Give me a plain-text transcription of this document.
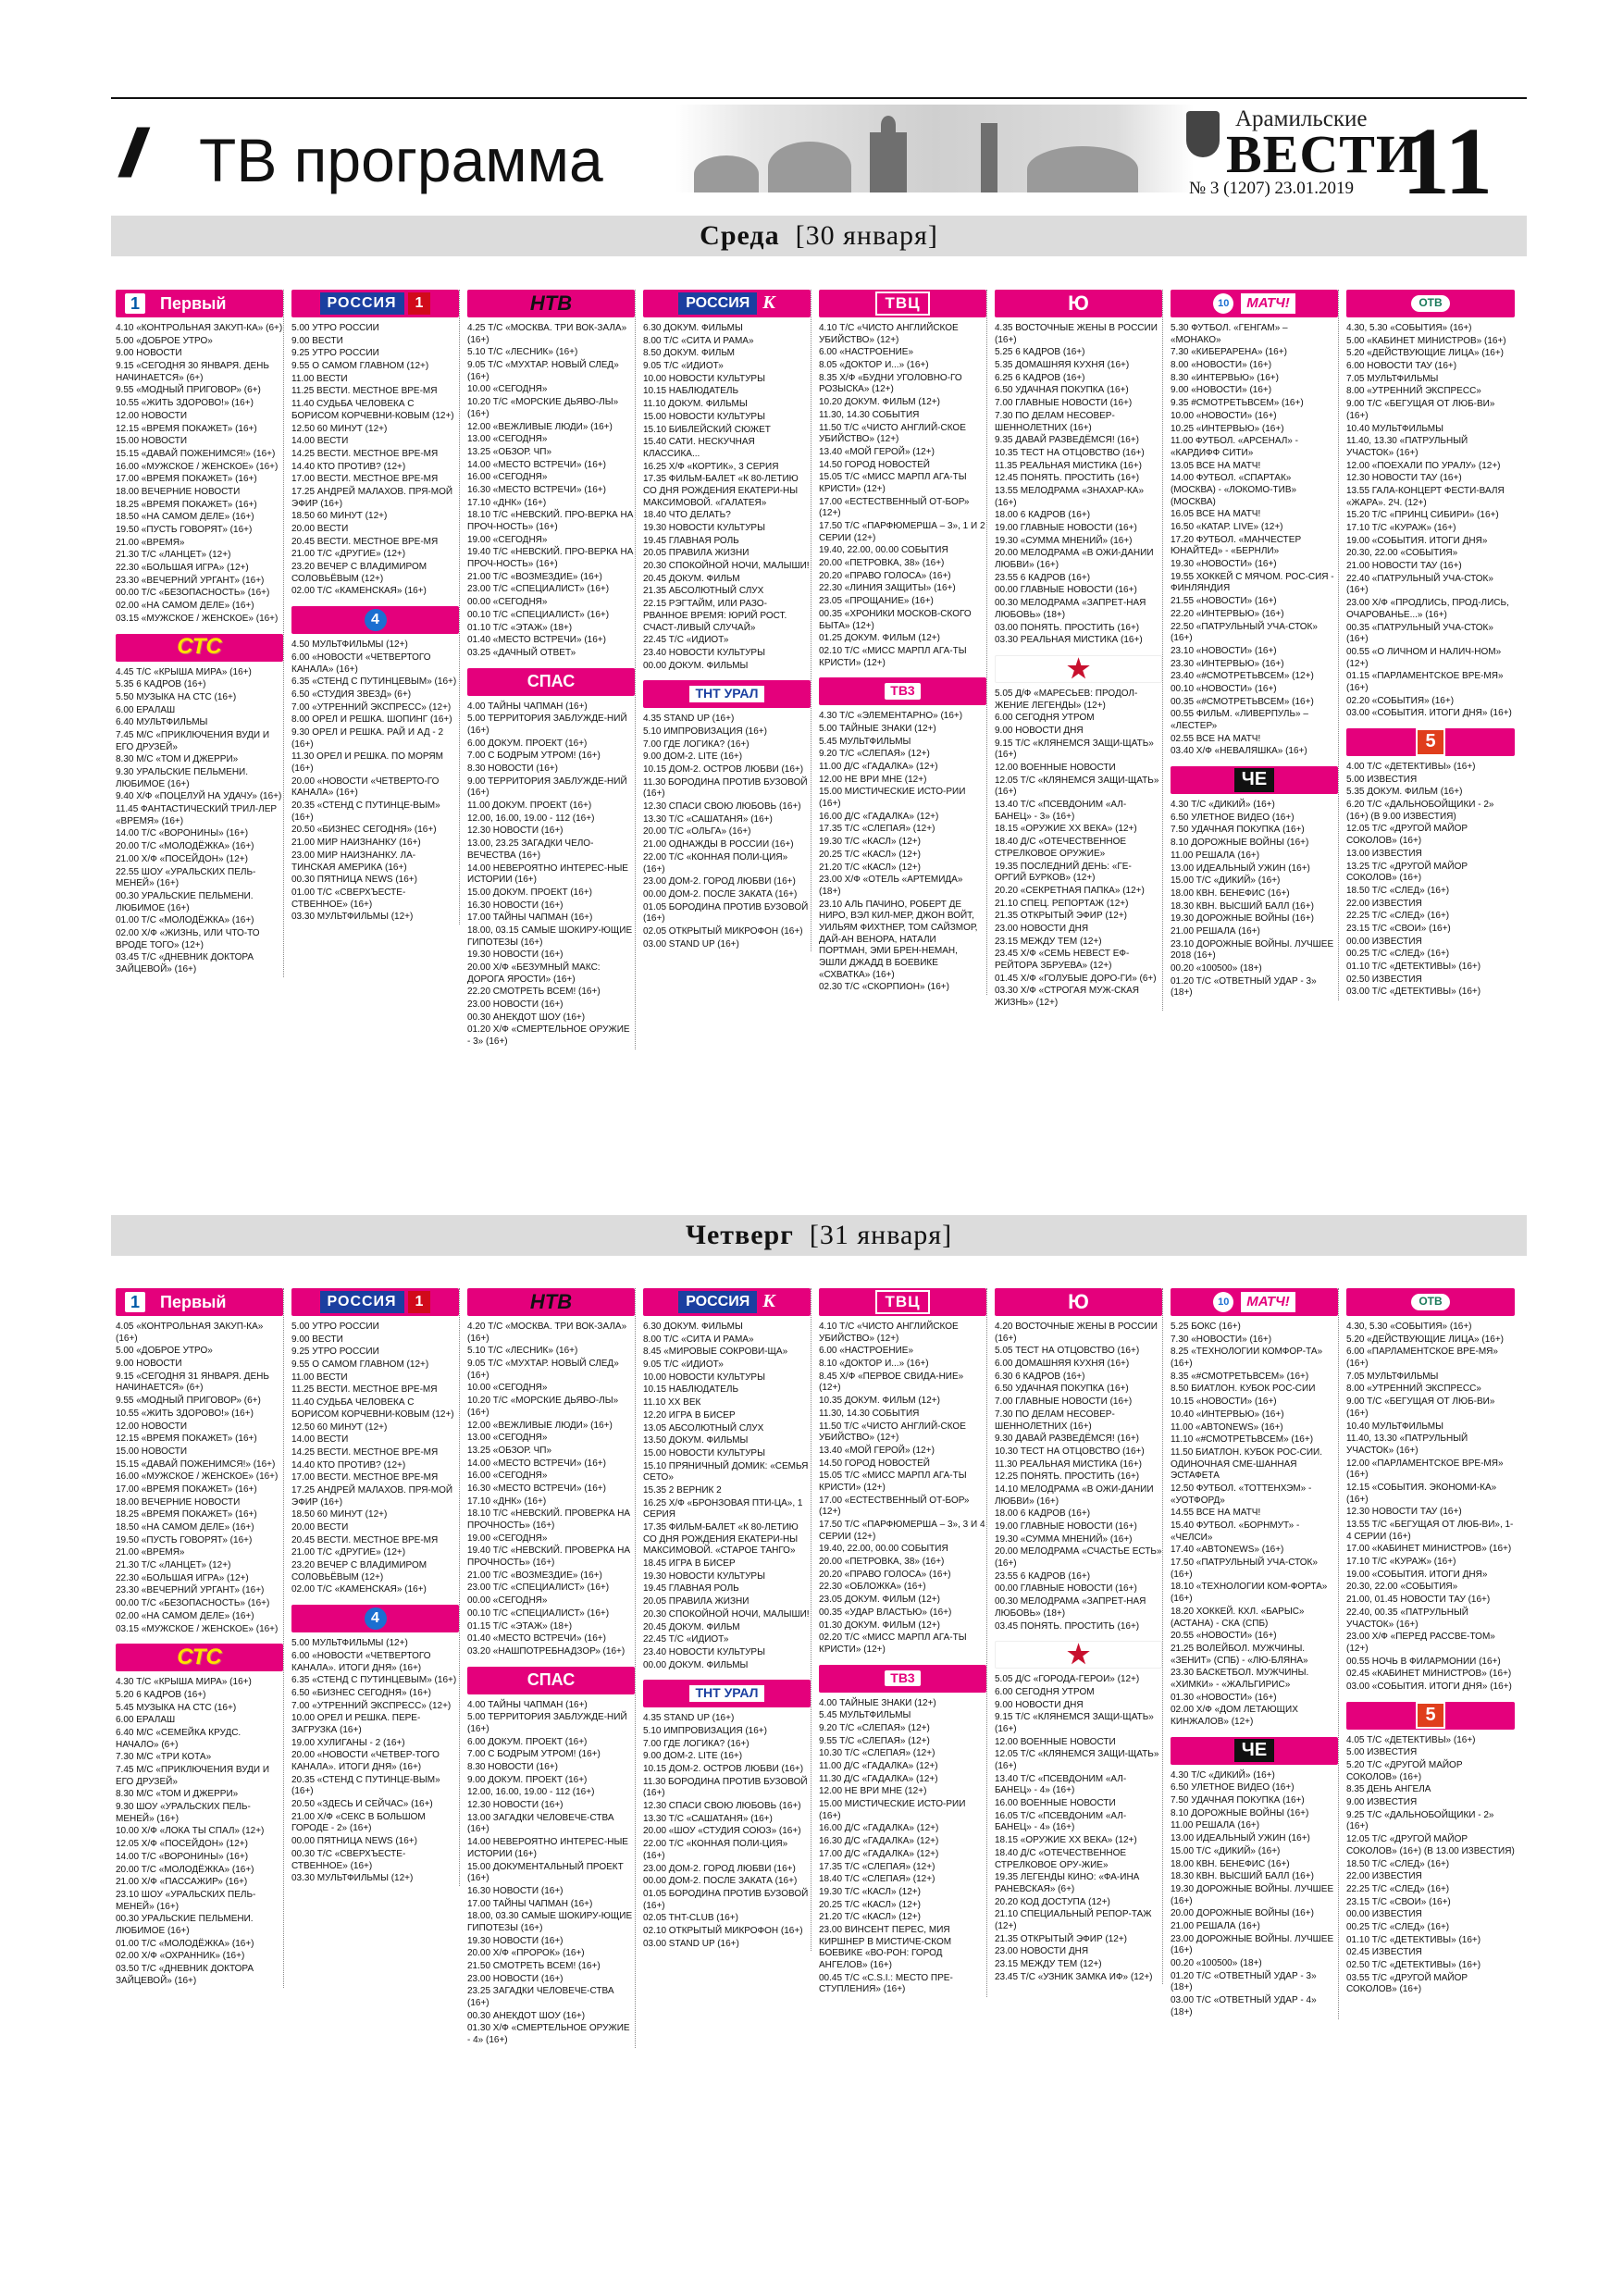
// ТВ программа
Арамильские
ВЕСТИ
11
№ 3 (1207) 23.01.2019
Среда [30 января]
1	Первый
4.10 «КОНТРОЛЬНАЯ ЗАКУП-КА» (6+)
5.00 «ДОБРОЕ УТРО»
9.00 НОВОСТИ
9.15 «СЕГОДНЯ 30 ЯНВАРЯ. ДЕНЬ НАЧИНАЕТСЯ» (6+)
9.55 «МОДНЫЙ ПРИГОВОР» (6+)
10.55 «ЖИТЬ ЗДОРОВО!» (16+)
12.00 НОВОСТИ
12.15 «ВРЕМЯ ПОКАЖЕТ» (16+)
15.00 НОВОСТИ
15.15 «ДАВАЙ ПОЖЕНИМСЯ!» (16+)
16.00 «МУЖСКОЕ / ЖЕНСКОЕ» (16+)
17.00 «ВРЕМЯ ПОКАЖЕТ» (16+)
18.00 ВЕЧЕРНИЕ НОВОСТИ
18.25 «ВРЕМЯ ПОКАЖЕТ» (16+)
18.50 «НА САМОМ ДЕЛЕ» (16+)
19.50 «ПУСТЬ ГОВОРЯТ» (16+)
21.00 «ВРЕМЯ»
21.30 Т/С «ЛАНЦЕТ» (12+)
22.30 «БОЛЬШАЯ ИГРА» (12+)
23.30 «ВЕЧЕРНИЙ УРГАНТ» (16+)
00.00 Т/С «БЕЗОПАСНОСТЬ» (16+)
02.00 «НА САМОМ ДЕЛЕ» (16+)
03.15 «МУЖСКОЕ / ЖЕНСКОЕ» (16+)
СТС
4.45 Т/С «КРЫША МИРА» (16+)
5.35 6 КАДРОВ (16+)
5.50 МУЗЫКА НА СТС (16+)
6.00 ЕРАЛАШ
6.40 МУЛЬТФИЛЬМЫ
7.45 М/С «ПРИКЛЮЧЕНИЯ ВУДИ И ЕГО ДРУЗЕЙ»
8.30 М/С «ТОМ И ДЖЕРРИ»
9.30 УРАЛЬСКИЕ ПЕЛЬМЕНИ. ЛЮБИМОЕ (16+)
9.40 Х/Ф «ПОЦЕЛУЙ НА УДАЧУ» (16+)
11.45 ФАНТАСТИЧЕСКИЙ ТРИЛ-ЛЕР «ВРЕМЯ» (16+)
14.00 Т/С «ВОРОНИНЫ» (16+)
20.00 Т/С «МОЛОДЁЖКА» (16+)
21.00 Х/Ф «ПОСЕЙДОН» (12+)
22.55 ШОУ «УРАЛЬСКИХ ПЕЛЬ-МЕНЕЙ» (16+)
00.30 УРАЛЬСКИЕ ПЕЛЬМЕНИ. ЛЮБИМОЕ (16+)
01.00 Т/С «МОЛОДЁЖКА» (16+)
02.00 Х/Ф «ЖИЗНЬ, ИЛИ ЧТО-ТО ВРОДЕ ТОГО» (12+)
03.45 Т/С «ДНЕВНИК ДОКТОРА ЗАЙЦЕВОЙ» (16+)
РОССИЯ	1
5.00 УТРО РОССИИ
9.00 ВЕСТИ
9.25 УТРО РОССИИ
9.55 О САМОМ ГЛАВНОМ (12+)
11.00 ВЕСТИ
11.25 ВЕСТИ. МЕСТНОЕ ВРЕ-МЯ
11.40 СУДЬБА ЧЕЛОВЕКА С БОРИСОМ КОРЧЕВНИ-КОВЫМ (12+)
12.50 60 МИНУТ (12+)
14.00 ВЕСТИ
14.25 ВЕСТИ. МЕСТНОЕ ВРЕ-МЯ
14.40 КТО ПРОТИВ? (12+)
17.00 ВЕСТИ. МЕСТНОЕ ВРЕ-МЯ
17.25 АНДРЕЙ МАЛАХОВ. ПРЯ-МОЙ ЭФИР (16+)
18.50 60 МИНУТ (12+)
20.00 ВЕСТИ
20.45 ВЕСТИ. МЕСТНОЕ ВРЕ-МЯ
21.00 Т/С «ДРУГИЕ» (12+)
23.20 ВЕЧЕР С ВЛАДИМИРОМ СОЛОВЬЁВЫМ (12+)
02.00 Т/С «КАМЕНСКАЯ» (16+)
4
4.50 МУЛЬТФИЛЬМЫ (12+)
6.00 «НОВОСТИ «ЧЕТВЕРТОГО КАНАЛА» (16+)
6.35 «СТЕНД С ПУТИНЦЕВЫМ» (16+)
6.50 «СТУДИЯ ЗВЕЗД» (6+)
7.00 «УТРЕННИЙ ЭКСПРЕСС» (12+)
8.00 ОРЕЛ И РЕШКА. ШОПИНГ (16+)
9.30 ОРЕЛ И РЕШКА. РАЙ И АД - 2 (16+)
11.30 ОРЕЛ И РЕШКА. ПО МОРЯМ (16+)
20.00 «НОВОСТИ «ЧЕТВЕРТО-ГО КАНАЛА» (16+)
20.35 «СТЕНД С ПУТИНЦЕ-ВЫМ» (16+)
20.50 «БИЗНЕС СЕГОДНЯ» (16+)
21.00 МИР НАИЗНАНКУ (16+)
23.00 МИР НАИЗНАНКУ. ЛА-ТИНСКАЯ АМЕРИКА (16+)
00.30 ПЯТНИЦА NEWS (16+)
01.00 Т/С «СВЕРХЪЕСТЕ-СТВЕННОЕ» (16+)
03.30 МУЛЬТФИЛЬМЫ (12+)
НТВ
4.25 Т/С «МОСКВА. ТРИ ВОК-ЗАЛА» (16+)
5.10 Т/С «ЛЕСНИК» (16+)
9.05 Т/С «МУХТАР. НОВЫЙ СЛЕД» (16+)
10.00 «СЕГОДНЯ»
10.20 Т/С «МОРСКИЕ ДЬЯВО-ЛЫ» (16+)
12.00 «ВЕЖЛИВЫЕ ЛЮДИ» (16+)
13.00 «СЕГОДНЯ»
13.25 «ОБЗОР. ЧП»
14.00 «МЕСТО ВСТРЕЧИ» (16+)
16.00 «СЕГОДНЯ»
16.30 «МЕСТО ВСТРЕЧИ» (16+)
17.10 «ДНК» (16+)
18.10 Т/С «НЕВСКИЙ. ПРО-ВЕРКА НА ПРОЧ-НОСТЬ» (16+)
19.00 «СЕГОДНЯ»
19.40 Т/С «НЕВСКИЙ. ПРО-ВЕРКА НА ПРОЧ-НОСТЬ» (16+)
21.00 Т/С «ВОЗМЕЗДИЕ» (16+)
23.00 Т/С «СПЕЦИАЛИСТ» (16+)
00.00 «СЕГОДНЯ»
00.10 Т/С «СПЕЦИАЛИСТ» (16+)
01.10 Т/С «ЭТАЖ» (18+)
01.40 «МЕСТО ВСТРЕЧИ» (16+)
03.25 «ДАЧНЫЙ ОТВЕТ»
СПАС
4.00 ТАЙНЫ ЧАПМАН (16+)
5.00 ТЕРРИТОРИЯ ЗАБЛУЖДЕ-НИЙ (16+)
6.00 ДОКУМ. ПРОЕКТ (16+)
7.00 С БОДРЫМ УТРОМ! (16+)
8.30 НОВОСТИ (16+)
9.00 ТЕРРИТОРИЯ ЗАБЛУЖДЕ-НИЙ (16+)
11.00 ДОКУМ. ПРОЕКТ (16+)
12.00, 16.00, 19.00 - 112 (16+)
12.30 НОВОСТИ (16+)
13.00, 23.25 ЗАГАДКИ ЧЕЛО-ВЕЧЕСТВА (16+)
14.00 НЕВЕРОЯТНО ИНТЕРЕС-НЫЕ ИСТОРИИ (16+)
15.00 ДОКУМ. ПРОЕКТ (16+)
16.30 НОВОСТИ (16+)
17.00 ТАЙНЫ ЧАПМАН (16+)
18.00, 03.15 САМЫЕ ШОКИРУ-ЮЩИЕ ГИПОТЕЗЫ (16+)
19.30 НОВОСТИ (16+)
20.00 Х/Ф «БЕЗУМНЫЙ МАКС: ДОРОГА ЯРОСТИ» (16+)
22.20 СМОТРЕТЬ ВСЕМ! (16+)
23.00 НОВОСТИ (16+)
00.30 АНЕКДОТ ШОУ (16+)
01.20 Х/Ф «СМЕРТЕЛЬНОЕ ОРУЖИЕ - 3» (16+)
РОССИЯ К
6.30 ДОКУМ. ФИЛЬМЫ
8.00 Т/С «СИТА И РАМА»
8.50 ДОКУМ. ФИЛЬМ
9.05 Т/С «ИДИОТ»
10.00 НОВОСТИ КУЛЬТУРЫ
10.15 НАБЛЮДАТЕЛЬ
11.10 ДОКУМ. ФИЛЬМЫ
15.00 НОВОСТИ КУЛЬТУРЫ
15.10 БИБЛЕЙСКИЙ СЮЖЕТ
15.40 САТИ. НЕСКУЧНАЯ КЛАССИКА...
16.25 Х/Ф «КОРТИК», 3 СЕРИЯ
17.35 ФИЛЬМ-БАЛЕТ «К 80-ЛЕТИЮ СО ДНЯ РОЖДЕНИЯ ЕКАТЕРИ-НЫ МАКСИМОВОЙ. «ГАЛАТЕЯ»
18.40 ЧТО ДЕЛАТЬ?
19.30 НОВОСТИ КУЛЬТУРЫ
19.45 ГЛАВНАЯ РОЛЬ
20.05 ПРАВИЛА ЖИЗНИ
20.30 СПОКОЙНОЙ НОЧИ, МАЛЫШИ!
20.45 ДОКУМ. ФИЛЬМ
21.35 АБСОЛЮТНЫЙ СЛУХ
22.15 РЭГТАЙМ, ИЛИ РАЗО-РВАННОЕ ВРЕМЯ: ЮРИЙ РОСТ. СЧАСТ-ЛИВЫЙ СЛУЧАЙ»
22.45 Т/С «ИДИОТ»
23.40 НОВОСТИ КУЛЬТУРЫ
00.00 ДОКУМ. ФИЛЬМЫ
ТНТ УРАЛ
4.35 STAND UP (16+)
5.10 ИМПРОВИЗАЦИЯ (16+)
7.00 ГДЕ ЛОГИКА? (16+)
9.00 ДОМ-2. LITE (16+)
10.15 ДОМ-2. ОСТРОВ ЛЮБВИ (16+)
11.30 БОРОДИНА ПРОТИВ БУЗОВОЙ (16+)
12.30 СПАСИ СВОЮ ЛЮБОВЬ (16+)
13.30 Т/С «САШАТАНЯ» (16+)
20.00 Т/С «ОЛЬГА» (16+)
21.00 ОДНАЖДЫ В РОССИИ (16+)
22.00 Т/С «КОННАЯ ПОЛИ-ЦИЯ» (16+)
23.00 ДОМ-2. ГОРОД ЛЮБВИ (16+)
00.00 ДОМ-2. ПОСЛЕ ЗАКАТА (16+)
01.05 БОРОДИНА ПРОТИВ БУЗОВОЙ (16+)
02.05 ОТКРЫТЫЙ МИКРОФОН (16+)
03.00 STAND UP (16+)
ТВЦ
4.10 Т/С «ЧИСТО АНГЛИЙСКОЕ УБИЙСТВО» (12+)
6.00 «НАСТРОЕНИЕ»
8.05 «ДОКТОР И...» (16+)
8.35 Х/Ф «БУДНИ УГОЛОВНО-ГО РОЗЫСКА» (12+)
10.20 ДОКУМ. ФИЛЬМ (12+)
11.30, 14.30 СОБЫТИЯ
11.50 Т/С «ЧИСТО АНГЛИЙ-СКОЕ УБИЙСТВО» (12+)
13.40 «МОЙ ГЕРОЙ» (12+)
14.50 ГОРОД НОВОСТЕЙ
15.05 Т/С «МИСС МАРПЛ АГА-ТЫ КРИСТИ» (12+)
17.00 «ЕСТЕСТВЕННЫЙ ОТ-БОР» (12+)
17.50 Т/С «ПАРФЮМЕРША – 3», 1 И 2 СЕРИИ (12+)
19.40, 22.00, 00.00 СОБЫТИЯ
20.00 «ПЕТРОВКА, 38» (16+)
20.20 «ПРАВО ГОЛОСА» (16+)
22.30 «ЛИНИЯ ЗАЩИТЫ» (16+)
23.05 «ПРОЩАНИЕ» (16+)
00.35 «ХРОНИКИ МОСКОВ-СКОГО БЫТА» (12+)
01.25 ДОКУМ. ФИЛЬМ (12+)
02.10 Т/С «МИСС МАРПЛ АГА-ТЫ КРИСТИ» (12+)
ТВ3
4.30 Т/С «ЭЛЕМЕНТАРНО» (16+)
5.00 ТАЙНЫЕ ЗНАКИ (12+)
5.45 МУЛЬТФИЛЬМЫ
9.20 Т/С «СЛЕПАЯ» (12+)
11.00 Д/С «ГАДАЛКА» (12+)
12.00 НЕ ВРИ МНЕ (12+)
15.00 МИСТИЧЕСКИЕ ИСТО-РИИ (16+)
16.00 Д/С «ГАДАЛКА» (12+)
17.35 Т/С «СЛЕПАЯ» (12+)
19.30 Т/С «КАСЛ» (12+)
20.25 Т/С «КАСЛ» (12+)
21.20 Т/С «КАСЛ» (12+)
23.00 Х/Ф «ОТЕЛЬ «АРТЕМИДА» (18+)
23.10 АЛЬ ПАЧИНО, РОБЕРТ ДЕ НИРО, ВЭЛ КИЛ-МЕР, ДЖОН ВОЙТ, УИЛЬЯМ ФИХТНЕР, ТОМ САЙЗМОР, ДАЙ-АН ВЕНОРА, НАТАЛИ ПОРТМАН, ЭМИ БРЕН-НЕМАН, ЭШЛИ ДЖАДД В БОЕВИКЕ «СХВАТКА» (16+)
02.30 Т/С «СКОРПИОН» (16+)
Ю
4.35 ВОСТОЧНЫЕ ЖЕНЫ В РОССИИ (16+)
5.25 6 КАДРОВ (16+)
5.35 ДОМАШНЯЯ КУХНЯ (16+)
6.25 6 КАДРОВ (16+)
6.50 УДАЧНАЯ ПОКУПКА (16+)
7.00 ГЛАВНЫЕ НОВОСТИ (16+)
7.30 ПО ДЕЛАМ НЕСОВЕР-ШЕННОЛЕТНИХ (16+)
9.35 ДАВАЙ РАЗВЕДЁМСЯ! (16+)
10.35 ТЕСТ НА ОТЦОВСТВО (16+)
11.35 РЕАЛЬНАЯ МИСТИКА (16+)
12.45 ПОНЯТЬ. ПРОСТИТЬ (16+)
13.55 МЕЛОДРАМА «ЗНАХАР-КА» (16+)
18.00 6 КАДРОВ (16+)
19.00 ГЛАВНЫЕ НОВОСТИ (16+)
19.30 «СУММА МНЕНИЙ» (16+)
20.00 МЕЛОДРАМА «В ОЖИ-ДАНИИ ЛЮБВИ» (16+)
23.55 6 КАДРОВ (16+)
00.00 ГЛАВНЫЕ НОВОСТИ (16+)
00.30 МЕЛОДРАМА «ЗАПРЕТ-НАЯ ЛЮБОВЬ» (18+)
03.00 ПОНЯТЬ. ПРОСТИТЬ (16+)
03.30 РЕАЛЬНАЯ МИСТИКА (16+)
★
5.05 Д/Ф «МАРЕСЬЕВ: ПРОДОЛ-ЖЕНИЕ ЛЕГЕНДЫ» (12+)
6.00 СЕГОДНЯ УТРОМ
9.00 НОВОСТИ ДНЯ
9.15 Т/С «КЛЯНЕМСЯ ЗАЩИ-ЩАТЬ» (16+)
12.00 ВОЕННЫЕ НОВОСТИ
12.05 Т/С «КЛЯНЕМСЯ ЗАЩИ-ЩАТЬ» (16+)
13.40 Т/С «ПСЕВДОНИМ «АЛ-БАНЕЦ» - 3» (16+)
18.15 «ОРУЖИЕ ХХ ВЕКА» (12+)
18.40 Д/С «ОТЕЧЕСТВЕННОЕ СТРЕЛКОВОЕ ОРУЖИЕ»
19.35 ПОСЛЕДНИЙ ДЕНЬ: «ГЕ-ОРГИЙ БУРКОВ» (12+)
20.20 «СЕКРЕТНАЯ ПАПКА» (12+)
21.10 СПЕЦ. РЕПОРТАЖ (12+)
21.35 ОТКРЫТЫЙ ЭФИР (12+)
23.00 НОВОСТИ ДНЯ
23.15 МЕЖДУ ТЕМ (12+)
23.45 Х/Ф «СЕМЬ НЕВЕСТ ЕФ-РЕЙТОРА ЗБРУЕВА» (12+)
01.45 Х/Ф «ГОЛУБЫЕ ДОРО-ГИ» (6+)
03.30 Х/Ф «СТРОГАЯ МУЖ-СКАЯ ЖИЗНЬ» (12+)
10	МАТЧ!
5.30 ФУТБОЛ. «ГЕНГАМ» – «МОНАКО»
7.30 «КИБЕРАРЕНА» (16+)
8.00 «НОВОСТИ» (16+)
8.30 «ИНТЕРВЬЮ» (16+)
9.00 «НОВОСТИ» (16+)
9.35 #СМОТРЕТЬВСЕМ» (16+)
10.00 «НОВОСТИ» (16+)
10.25 «ИНТЕРВЬЮ» (16+)
11.00 ФУТБОЛ. «АРСЕНАЛ» - «КАРДИФФ СИТИ»
13.05 ВСЕ НА МАТЧ!
14.00 ФУТБОЛ. «СПАРТАК» (МОСКВА) - «ЛОКОМО-ТИВ» (МОСКВА)
16.05 ВСЕ НА МАТЧ!
16.50 «КАТАР. LIVE» (12+)
17.20 ФУТБОЛ. «МАНЧЕСТЕР ЮНАЙТЕД» - «БЕРНЛИ»
19.30 «НОВОСТИ» (16+)
19.55 ХОККЕЙ С МЯЧОМ. РОС-СИЯ - ФИНЛЯНДИЯ
21.55 «НОВОСТИ» (16+)
22.20 «ИНТЕРВЬЮ» (16+)
22.50 «ПАТРУЛЬНЫЙ УЧА-СТОК» (16+)
23.10 «НОВОСТИ» (16+)
23.30 «ИНТЕРВЬЮ» (16+)
23.40 «#СМОТРЕТЬВСЕМ» (12+)
00.10 «НОВОСТИ» (16+)
00.35 «#СМОТРЕТЬВСЕМ» (16+)
00.55 ФИЛЬМ. «ЛИВЕРПУЛЬ» – «ЛЕСТЕР»
02.55 ВСЕ НА МАТЧ!
03.40 Х/Ф «НЕВАЛЯШКА» (16+)
ЧЕ
4.30 Т/С «ДИКИЙ» (16+)
6.50 УЛЕТНОЕ ВИДЕО (16+)
7.50 УДАЧНАЯ ПОКУПКА (16+)
8.10 ДОРОЖНЫЕ ВОЙНЫ (16+)
11.00 РЕШАЛА (16+)
13.00 ИДЕАЛЬНЫЙ УЖИН (16+)
15.00 Т/С «ДИКИЙ» (16+)
18.00 КВН. БЕНЕФИС (16+)
18.30 КВН. ВЫСШИЙ БАЛЛ (16+)
19.30 ДОРОЖНЫЕ ВОЙНЫ (16+)
21.00 РЕШАЛА (16+)
23.10 ДОРОЖНЫЕ ВОЙНЫ. ЛУЧШЕЕ 2018 (16+)
00.20 «100500» (18+)
01.20 Т/С «ОТВЕТНЫЙ УДАР - 3» (18+)
ОТВ
4.30, 5.30 «СОБЫТИЯ» (16+)
5.00 «КАБИНЕТ МИНИСТРОВ» (16+)
5.20 «ДЕЙСТВУЮЩИЕ ЛИЦА» (16+)
6.00 НОВОСТИ ТАУ (16+)
7.05 МУЛЬТФИЛЬМЫ
8.00 «УТРЕННИЙ ЭКСПРЕСС»
9.00 Т/С «БЕГУЩАЯ ОТ ЛЮБ-ВИ» (16+)
10.40 МУЛЬТФИЛЬМЫ
11.40, 13.30 «ПАТРУЛЬНЫЙ УЧАСТОК» (16+)
12.00 «ПОЕХАЛИ ПО УРАЛУ» (12+)
12.30 НОВОСТИ ТАУ (16+)
13.55 ГАЛА-КОНЦЕРТ ФЕСТИ-ВАЛЯ «ЖАРА». 2Ч. (12+)
15.20 Т/С «ПРИНЦ СИБИРИ» (16+)
17.10 Т/С «КУРАЖ» (16+)
19.00 «СОБЫТИЯ. ИТОГИ ДНЯ»
20.30, 22.00 «СОБЫТИЯ»
21.00 НОВОСТИ ТАУ (16+)
22.40 «ПАТРУЛЬНЫЙ УЧА-СТОК» (16+)
23.00 Х/Ф «ПРОДЛИСЬ, ПРОД-ЛИСЬ, ОЧАРОВАНЬЕ...» (16+)
00.35 «ПАТРУЛЬНЫЙ УЧА-СТОК» (16+)
00.55 «О ЛИЧНОМ И НАЛИЧ-НОМ» (12+)
01.15 «ПАРЛАМЕНТСКОЕ ВРЕ-МЯ» (16+)
02.20 «СОБЫТИЯ» (16+)
03.00 «СОБЫТИЯ. ИТОГИ ДНЯ» (16+)
5
4.00 Т/С «ДЕТЕКТИВЫ» (16+)
5.00 ИЗВЕСТИЯ
5.35 ДОКУМ. ФИЛЬМ (16+)
6.20 Т/С «ДАЛЬНОБОЙЩИКИ - 2» (16+) (В 9.00 ИЗВЕСТИЯ)
12.05 Т/С «ДРУГОЙ МАЙОР СОКОЛОВ» (16+)
13.00 ИЗВЕСТИЯ
13.25 Т/С «ДРУГОЙ МАЙОР СОКОЛОВ» (16+)
18.50 Т/С «СЛЕД» (16+)
22.00 ИЗВЕСТИЯ
22.25 Т/С «СЛЕД» (16+)
23.15 Т/С «СВОИ» (16+)
00.00 ИЗВЕСТИЯ
00.25 Т/С «СЛЕД» (16+)
01.10 Т/С «ДЕТЕКТИВЫ» (16+)
02.50 ИЗВЕСТИЯ
03.00 Т/С «ДЕТЕКТИВЫ» (16+)
Четверг [31 января]
1	Первый
4.05 «КОНТРОЛЬНАЯ ЗАКУП-КА» (16+)
5.00 «ДОБРОЕ УТРО»
9.00 НОВОСТИ
9.15 «СЕГОДНЯ 31 ЯНВАРЯ. ДЕНЬ НАЧИНАЕТСЯ» (6+)
9.55 «МОДНЫЙ ПРИГОВОР» (6+)
10.55 «ЖИТЬ ЗДОРОВО!» (16+)
12.00 НОВОСТИ
12.15 «ВРЕМЯ ПОКАЖЕТ» (16+)
15.00 НОВОСТИ
15.15 «ДАВАЙ ПОЖЕНИМСЯ!» (16+)
16.00 «МУЖСКОЕ / ЖЕНСКОЕ» (16+)
17.00 «ВРЕМЯ ПОКАЖЕТ» (16+)
18.00 ВЕЧЕРНИЕ НОВОСТИ
18.25 «ВРЕМЯ ПОКАЖЕТ» (16+)
18.50 «НА САМОМ ДЕЛЕ» (16+)
19.50 «ПУСТЬ ГОВОРЯТ» (16+)
21.00 «ВРЕМЯ»
21.30 Т/С «ЛАНЦЕТ» (12+)
22.30 «БОЛЬШАЯ ИГРА» (12+)
23.30 «ВЕЧЕРНИЙ УРГАНТ» (16+)
00.00 Т/С «БЕЗОПАСНОСТЬ» (16+)
02.00 «НА САМОМ ДЕЛЕ» (16+)
03.15 «МУЖСКОЕ / ЖЕНСКОЕ» (16+)
СТС
4.30 Т/С «КРЫША МИРА» (16+)
5.20 6 КАДРОВ (16+)
5.45 МУЗЫКА НА СТС (16+)
6.00 ЕРАЛАШ
6.40 М/С «СЕМЕЙКА КРУДС. НАЧАЛО» (6+)
7.30 М/С «ТРИ КОТА»
7.45 М/С «ПРИКЛЮЧЕНИЯ ВУДИ И ЕГО ДРУЗЕЙ»
8.30 М/С «ТОМ И ДЖЕРРИ»
9.30 ШОУ «УРАЛЬСКИХ ПЕЛЬ-МЕНЕЙ» (16+)
10.00 Х/Ф «ЛОКА ТЫ СПАЛ» (12+)
12.05 Х/Ф «ПОСЕЙДОН» (12+)
14.00 Т/С «ВОРОНИНЫ» (16+)
20.00 Т/С «МОЛОДЁЖКА» (16+)
21.00 Х/Ф «ПАССАЖИР» (16+)
23.10 ШОУ «УРАЛЬСКИХ ПЕЛЬ-МЕНЕЙ» (16+)
00.30 УРАЛЬСКИЕ ПЕЛЬМЕНИ. ЛЮБИМОЕ (16+)
01.00 Т/С «МОЛОДЁЖКА» (16+)
02.00 Х/Ф «ОХРАННИК» (16+)
03.50 Т/С «ДНЕВНИК ДОКТОРА ЗАЙЦЕВОЙ» (16+)
РОССИЯ	1
5.00 УТРО РОССИИ
9.00 ВЕСТИ
9.25 УТРО РОССИИ
9.55 О САМОМ ГЛАВНОМ (12+)
11.00 ВЕСТИ
11.25 ВЕСТИ. МЕСТНОЕ ВРЕ-МЯ
11.40 СУДЬБА ЧЕЛОВЕКА С БОРИСОМ КОРЧЕВНИ-КОВЫМ (12+)
12.50 60 МИНУТ (12+)
14.00 ВЕСТИ
14.25 ВЕСТИ. МЕСТНОЕ ВРЕ-МЯ
14.40 КТО ПРОТИВ? (12+)
17.00 ВЕСТИ. МЕСТНОЕ ВРЕ-МЯ
17.25 АНДРЕЙ МАЛАХОВ. ПРЯ-МОЙ ЭФИР (16+)
18.50 60 МИНУТ (12+)
20.00 ВЕСТИ
20.45 ВЕСТИ. МЕСТНОЕ ВРЕ-МЯ
21.00 Т/С «ДРУГИЕ» (12+)
23.20 ВЕЧЕР С ВЛАДИМИРОМ СОЛОВЬЁВЫМ (12+)
02.00 Т/С «КАМЕНСКАЯ» (16+)
4
5.00 МУЛЬТФИЛЬМЫ (12+)
6.00 «НОВОСТИ «ЧЕТВЕРТОГО КАНАЛА». ИТОГИ ДНЯ» (16+)
6.35 «СТЕНД С ПУТИНЦЕВЫМ» (16+)
6.50 «БИЗНЕС СЕГОДНЯ» (16+)
7.00 «УТРЕННИЙ ЭКСПРЕСС» (12+)
10.00 ОРЕЛ И РЕШКА. ПЕРЕ-ЗАГРУЗКА (16+)
19.00 ХУЛИГАНЫ - 2 (16+)
20.00 «НОВОСТИ «ЧЕТВЕР-ТОГО КАНАЛА». ИТОГИ ДНЯ» (16+)
20.35 «СТЕНД С ПУТИНЦЕ-ВЫМ» (16+)
20.50 «ЗДЕСЬ И СЕЙЧАС» (16+)
21.00 Х/Ф «СЕКС В БОЛЬШОМ ГОРОДЕ - 2» (16+)
00.00 ПЯТНИЦА NEWS (16+)
00.30 Т/С «СВЕРХЪЕСТЕ-СТВЕННОЕ» (16+)
03.30 МУЛЬТФИЛЬМЫ (12+)
НТВ
4.20 Т/С «МОСКВА. ТРИ ВОК-ЗАЛА» (16+)
5.10 Т/С «ЛЕСНИК» (16+)
9.05 Т/С «МУХТАР. НОВЫЙ СЛЕД» (16+)
10.00 «СЕГОДНЯ»
10.20 Т/С «МОРСКИЕ ДЬЯВО-ЛЫ» (16+)
12.00 «ВЕЖЛИВЫЕ ЛЮДИ» (16+)
13.00 «СЕГОДНЯ»
13.25 «ОБЗОР. ЧП»
14.00 «МЕСТО ВСТРЕЧИ» (16+)
16.00 «СЕГОДНЯ»
16.30 «МЕСТО ВСТРЕЧИ» (16+)
17.10 «ДНК» (16+)
18.10 Т/С «НЕВСКИЙ. ПРОВЕРКА НА ПРОЧНОСТЬ» (16+)
19.00 «СЕГОДНЯ»
19.40 Т/С «НЕВСКИЙ. ПРОВЕРКА НА ПРОЧНОСТЬ» (16+)
21.00 Т/С «ВОЗМЕЗДИЕ» (16+)
23.00 Т/С «СПЕЦИАЛИСТ» (16+)
00.00 «СЕГОДНЯ»
00.10 Т/С «СПЕЦИАЛИСТ» (16+)
01.15 Т/С «ЭТАЖ» (18+)
01.40 «МЕСТО ВСТРЕЧИ» (16+)
03.20 «НАШПОТРЕБНАДЗОР» (16+)
СПАС
4.00 ТАЙНЫ ЧАПМАН (16+)
5.00 ТЕРРИТОРИЯ ЗАБЛУЖДЕ-НИЙ (16+)
6.00 ДОКУМ. ПРОЕКТ (16+)
7.00 С БОДРЫМ УТРОМ! (16+)
8.30 НОВОСТИ (16+)
9.00 ДОКУМ. ПРОЕКТ (16+)
12.00, 16.00, 19.00 - 112 (16+)
12.30 НОВОСТИ (16+)
13.00 ЗАГАДКИ ЧЕЛОВЕЧЕ-СТВА (16+)
14.00 НЕВЕРОЯТНО ИНТЕРЕС-НЫЕ ИСТОРИИ (16+)
15.00 ДОКУМЕНТАЛЬНЫЙ ПРОЕКТ (16+)
16.30 НОВОСТИ (16+)
17.00 ТАЙНЫ ЧАПМАН (16+)
18.00, 03.30 САМЫЕ ШОКИРУ-ЮЩИЕ ГИПОТЕЗЫ (16+)
19.30 НОВОСТИ (16+)
20.00 Х/Ф «ПРОРОК» (16+)
21.50 СМОТРЕТЬ ВСЕМ! (16+)
23.00 НОВОСТИ (16+)
23.25 ЗАГАДКИ ЧЕЛОВЕЧЕ-СТВА (16+)
00.30 АНЕКДОТ ШОУ (16+)
01.30 Х/Ф «СМЕРТЕЛЬНОЕ ОРУЖИЕ - 4» (16+)
РОССИЯ К
6.30 ДОКУМ. ФИЛЬМЫ
8.00 Т/С «СИТА И РАМА»
8.45 «МИРОВЫЕ СОКРОВИ-ЩА»
9.05 Т/С «ИДИОТ»
10.00 НОВОСТИ КУЛЬТУРЫ
10.15 НАБЛЮДАТЕЛЬ
11.10 XX ВЕК
12.20 ИГРА В БИСЕР
13.05 АБСОЛЮТНЫЙ СЛУХ
13.50 ДОКУМ. ФИЛЬМЫ
15.00 НОВОСТИ КУЛЬТУРЫ
15.10 ПРЯНИЧНЫЙ ДОМИК: «СЕМЬЯ СЕТО»
15.35 2 ВЕРНИК 2
16.25 Х/Ф «БРОНЗОВАЯ ПТИ-ЦА», 1 СЕРИЯ
17.35 ФИЛЬМ-БАЛЕТ «К 80-ЛЕТИЮ СО ДНЯ РОЖДЕНИЯ ЕКАТЕРИ-НЫ МАКСИМОВОЙ. «СТАРОЕ ТАНГО»
18.45 ИГРА В БИСЕР
19.30 НОВОСТИ КУЛЬТУРЫ
19.45 ГЛАВНАЯ РОЛЬ
20.05 ПРАВИЛА ЖИЗНИ
20.30 СПОКОЙНОЙ НОЧИ, МАЛЫШИ!
20.45 ДОКУМ. ФИЛЬМ
22.45 Т/С «ИДИОТ»
23.40 НОВОСТИ КУЛЬТУРЫ
00.00 ДОКУМ. ФИЛЬМЫ
ТНТ УРАЛ
4.35 STAND UP (16+)
5.10 ИМПРОВИЗАЦИЯ (16+)
7.00 ГДЕ ЛОГИКА? (16+)
9.00 ДОМ-2. LITE (16+)
10.15 ДОМ-2. ОСТРОВ ЛЮБВИ (16+)
11.30 БОРОДИНА ПРОТИВ БУЗОВОЙ (16+)
12.30 СПАСИ СВОЮ ЛЮБОВЬ (16+)
13.30 Т/С «САШАТАНЯ» (16+)
20.00 «ШОУ «СТУДИЯ СОЮЗ» (16+)
22.00 Т/С «КОННАЯ ПОЛИ-ЦИЯ» (16+)
23.00 ДОМ-2. ГОРОД ЛЮБВИ (16+)
00.00 ДОМ-2. ПОСЛЕ ЗАКАТА (16+)
01.05 БОРОДИНА ПРОТИВ БУЗОВОЙ (16+)
02.05 THT-CLUB (16+)
02.10 ОТКРЫТЫЙ МИКРОФОН (16+)
03.00 STAND UP (16+)
ТВЦ
4.10 Т/С «ЧИСТО АНГЛИЙСКОЕ УБИЙСТВО» (12+)
6.00 «НАСТРОЕНИЕ»
8.10 «ДОКТОР И...» (16+)
8.45 Х/Ф «ПЕРВОЕ СВИДА-НИЕ» (12+)
10.35 ДОКУМ. ФИЛЬМ (12+)
11.30, 14.30 СОБЫТИЯ
11.50 Т/С «ЧИСТО АНГЛИЙ-СКОЕ УБИЙСТВО» (12+)
13.40 «МОЙ ГЕРОЙ» (12+)
14.50 ГОРОД НОВОСТЕЙ
15.05 Т/С «МИСС МАРПЛ АГА-ТЫ КРИСТИ» (12+)
17.00 «ЕСТЕСТВЕННЫЙ ОТ-БОР» (12+)
17.50 Т/С «ПАРФЮМЕРША – 3», 3 И 4 СЕРИИ (12+)
19.40, 22.00, 00.00 СОБЫТИЯ
20.00 «ПЕТРОВКА, 38» (16+)
20.20 «ПРАВО ГОЛОСА» (16+)
22.30 «ОБЛОЖКА» (16+)
23.05 ДОКУМ. ФИЛЬМ (12+)
00.35 «УДАР ВЛАСТЬЮ» (16+)
01.30 ДОКУМ. ФИЛЬМ (12+)
02.20 Т/С «МИСС МАРПЛ АГА-ТЫ КРИСТИ» (12+)
ТВ3
4.00 ТАЙНЫЕ ЗНАКИ (12+)
5.45 МУЛЬТФИЛЬМЫ
9.20 Т/С «СЛЕПАЯ» (12+)
9.55 Т/С «СЛЕПАЯ» (12+)
10.30 Т/С «СЛЕПАЯ» (12+)
11.00 Д/С «ГАДАЛКА» (12+)
11.30 Д/С «ГАДАЛКА» (12+)
12.00 НЕ ВРИ МНЕ (12+)
15.00 МИСТИЧЕСКИЕ ИСТО-РИИ (16+)
16.00 Д/С «ГАДАЛКА» (12+)
16.30 Д/С «ГАДАЛКА» (12+)
17.00 Д/С «ГАДАЛКА» (12+)
17.35 Т/С «СЛЕПАЯ» (12+)
18.40 Т/С «СЛЕПАЯ» (12+)
19.30 Т/С «КАСЛ» (12+)
20.25 Т/С «КАСЛ» (12+)
21.20 Т/С «КАСЛ» (12+)
23.00 ВИНСЕНТ ПЕРЕС, МИЯ КИРШНЕР В МИСТИЧЕ-СКОМ БОЕВИКЕ «ВО-РОН: ГОРОД АНГЕЛОВ» (16+)
00.45 Т/С «C.S.I.: МЕСТО ПРЕ-СТУПЛЕНИЯ» (16+)
Ю
4.20 ВОСТОЧНЫЕ ЖЕНЫ В РОССИИ (16+)
5.05 ТЕСТ НА ОТЦОВСТВО (16+)
6.00 ДОМАШНЯЯ КУХНЯ (16+)
6.30 6 КАДРОВ (16+)
6.50 УДАЧНАЯ ПОКУПКА (16+)
7.00 ГЛАВНЫЕ НОВОСТИ (16+)
7.30 ПО ДЕЛАМ НЕСОВЕР-ШЕННОЛЕТНИХ (16+)
9.30 ДАВАЙ РАЗВЕДЁМСЯ! (16+)
10.30 ТЕСТ НА ОТЦОВСТВО (16+)
11.30 РЕАЛЬНАЯ МИСТИКА (16+)
12.25 ПОНЯТЬ. ПРОСТИТЬ (16+)
14.10 МЕЛОДРАМА «В ОЖИ-ДАНИИ ЛЮБВИ» (16+)
18.00 6 КАДРОВ (16+)
19.00 ГЛАВНЫЕ НОВОСТИ (16+)
19.30 «СУММА МНЕНИЙ» (16+)
20.00 МЕЛОДРАМА «СЧАСТЬЕ ЕСТЬ» (16+)
23.55 6 КАДРОВ (16+)
00.00 ГЛАВНЫЕ НОВОСТИ (16+)
00.30 МЕЛОДРАМА «ЗАПРЕТ-НАЯ ЛЮБОВЬ» (18+)
03.45 ПОНЯТЬ. ПРОСТИТЬ (16+)
★
5.05 Д/С «ГОРОДА-ГЕРОИ» (12+)
6.00 СЕГОДНЯ УТРОМ
9.00 НОВОСТИ ДНЯ
9.15 Т/С «КЛЯНЕМСЯ ЗАЩИ-ЩАТЬ» (16+)
12.00 ВОЕННЫЕ НОВОСТИ
12.05 Т/С «КЛЯНЕМСЯ ЗАЩИ-ЩАТЬ» (16+)
13.40 Т/С «ПСЕВДОНИМ «АЛ-БАНЕЦ» - 4» (16+)
16.00 ВОЕННЫЕ НОВОСТИ
16.05 Т/С «ПСЕВДОНИМ «АЛ-БАНЕЦ» - 4» (16+)
18.15 «ОРУЖИЕ ХХ ВЕКА» (12+)
18.40 Д/С «ОТЕЧЕСТВЕННОЕ СТРЕЛКОВОЕ ОРУ-ЖИЕ»
19.35 ЛЕГЕНДЫ КИНО: «ФА-ИНА РАНЕВСКАЯ» (6+)
20.20 КОД ДОСТУПА (12+)
21.10 СПЕЦИАЛЬНЫЙ РЕПОР-ТАЖ (12+)
21.35 ОТКРЫТЫЙ ЭФИР (12+)
23.00 НОВОСТИ ДНЯ
23.15 МЕЖДУ ТЕМ (12+)
23.45 Т/С «УЗНИК ЗАМКА ИФ» (12+)
10	МАТЧ!
5.25 БОКС (16+)
7.30 «НОВОСТИ» (16+)
8.25 «ТЕХНОЛОГИИ КОМФОР-ТА» (16+)
8.35 «#СМОТРЕТЬВСЕМ» (16+)
8.50 БИАТЛОН. КУБОК РОС-СИИ
10.15 «НОВОСТИ» (16+)
10.40 «ИНТЕРВЬЮ» (16+)
11.00 «ABTONEWS» (16+)
11.10 «#СМОТРЕТЬВСЕМ» (16+)
11.50 БИАТЛОН. КУБОК РОС-СИИ. ОДИНОЧНАЯ СМЕ-ШАННАЯ ЭСТАФЕТА
12.50 ФУТБОЛ. «ТОТТЕНХЭМ» - «УОТФОРД»
14.55 ВСЕ НА МАТЧ!
15.40 ФУТБОЛ. «БОРНМУТ» - «ЧЕЛСИ»
17.40 «ABTONEWS» (16+)
17.50 «ПАТРУЛЬНЫЙ УЧА-СТОК» (16+)
18.10 «ТЕХНОЛОГИИ КОМ-ФОРТА» (16+)
18.20 ХОККЕЙ. КХЛ. «БАРЫС» (АСТАНА) - СКА (СПБ)
20.55 «НОВОСТИ» (16+)
21.25 ВОЛЕЙБОЛ. МУЖЧИНЫ. «ЗЕНИТ» (СПБ) - «ЛЮ-БЛЯНА»
23.30 БАСКЕТБОЛ. МУЖЧИНЫ. «ХИМКИ» - «ЖАЛЬГИРИС»
01.30 «НОВОСТИ» (16+)
02.00 Х/Ф «ДОМ ЛЕТАЮЩИХ КИНЖАЛОВ» (12+)
ЧЕ
4.30 Т/С «ДИКИЙ» (16+)
6.50 УЛЕТНОЕ ВИДЕО (16+)
7.50 УДАЧНАЯ ПОКУПКА (16+)
8.10 ДОРОЖНЫЕ ВОЙНЫ (16+)
11.00 РЕШАЛА (16+)
13.00 ИДЕАЛЬНЫЙ УЖИН (16+)
15.00 Т/С «ДИКИЙ» (16+)
18.00 КВН. БЕНЕФИС (16+)
18.30 КВН. ВЫСШИЙ БАЛЛ (16+)
19.30 ДОРОЖНЫЕ ВОЙНЫ. ЛУЧШЕЕ (16+)
20.00 ДОРОЖНЫЕ ВОЙНЫ (16+)
21.00 РЕШАЛА (16+)
23.00 ДОРОЖНЫЕ ВОЙНЫ. ЛУЧШЕЕ (16+)
00.20 «100500» (18+)
01.20 Т/С «ОТВЕТНЫЙ УДАР - 3» (18+)
03.00 Т/С «ОТВЕТНЫЙ УДАР - 4» (18+)
ОТВ
4.30, 5.30 «СОБЫТИЯ» (16+)
5.20 «ДЕЙСТВУЮЩИЕ ЛИЦА» (16+)
6.00 «ПАРЛАМЕНТСКОЕ ВРЕ-МЯ» (16+)
7.05 МУЛЬТФИЛЬМЫ
8.00 «УТРЕННИЙ ЭКСПРЕСС»
9.00 Т/С «БЕГУЩАЯ ОТ ЛЮБ-ВИ» (16+)
10.40 МУЛЬТФИЛЬМЫ
11.40, 13.30 «ПАТРУЛЬНЫЙ УЧАСТОК» (16+)
12.00 «ПАРЛАМЕНТСКОЕ ВРЕ-МЯ» (16+)
12.15 «СОБЫТИЯ. ЭКОНОМИ-КА» (16+)
12.30 НОВОСТИ ТАУ (16+)
13.55 Т/С «БЕГУЩАЯ ОТ ЛЮБ-ВИ», 1-4 СЕРИИ (16+)
17.00 «КАБИНЕТ МИНИСТРОВ» (16+)
17.10 Т/С «КУРАЖ» (16+)
19.00 «СОБЫТИЯ. ИТОГИ ДНЯ»
20.30, 22.00 «СОБЫТИЯ»
21.00, 01.45 НОВОСТИ ТАУ (16+)
22.40, 00.35 «ПАТРУЛЬНЫЙ УЧАСТОК» (16+)
23.00 Х/Ф «ПЕРЕД РАССВЕ-ТОМ» (12+)
00.55 НОЧЬ В ФИЛАРМОНИИ (16+)
02.45 «КАБИНЕТ МИНИСТРОВ» (16+)
03.00 «СОБЫТИЯ. ИТОГИ ДНЯ» (16+)
5
4.05 Т/С «ДЕТЕКТИВЫ» (16+)
5.00 ИЗВЕСТИЯ
5.20 Т/С «ДРУГОЙ МАЙОР СОКОЛОВ» (16+)
8.35 ДЕНЬ АНГЕЛА
9.00 ИЗВЕСТИЯ
9.25 Т/С «ДАЛЬНОБОЙЩИКИ - 2» (16+)
12.05 Т/С «ДРУГОЙ МАЙОР СОКОЛОВ» (16+) (В 13.00 ИЗВЕСТИЯ)
18.50 Т/С «СЛЕД» (16+)
22.00 ИЗВЕСТИЯ
22.25 Т/С «СЛЕД» (16+)
23.15 Т/С «СВОИ» (16+)
00.00 ИЗВЕСТИЯ
00.25 Т/С «СЛЕД» (16+)
01.10 Т/С «ДЕТЕКТИВЫ» (16+)
02.45 ИЗВЕСТИЯ
02.50 Т/С «ДЕТЕКТИВЫ» (16+)
03.55 Т/С «ДРУГОЙ МАЙОР СОКОЛОВ» (16+)
